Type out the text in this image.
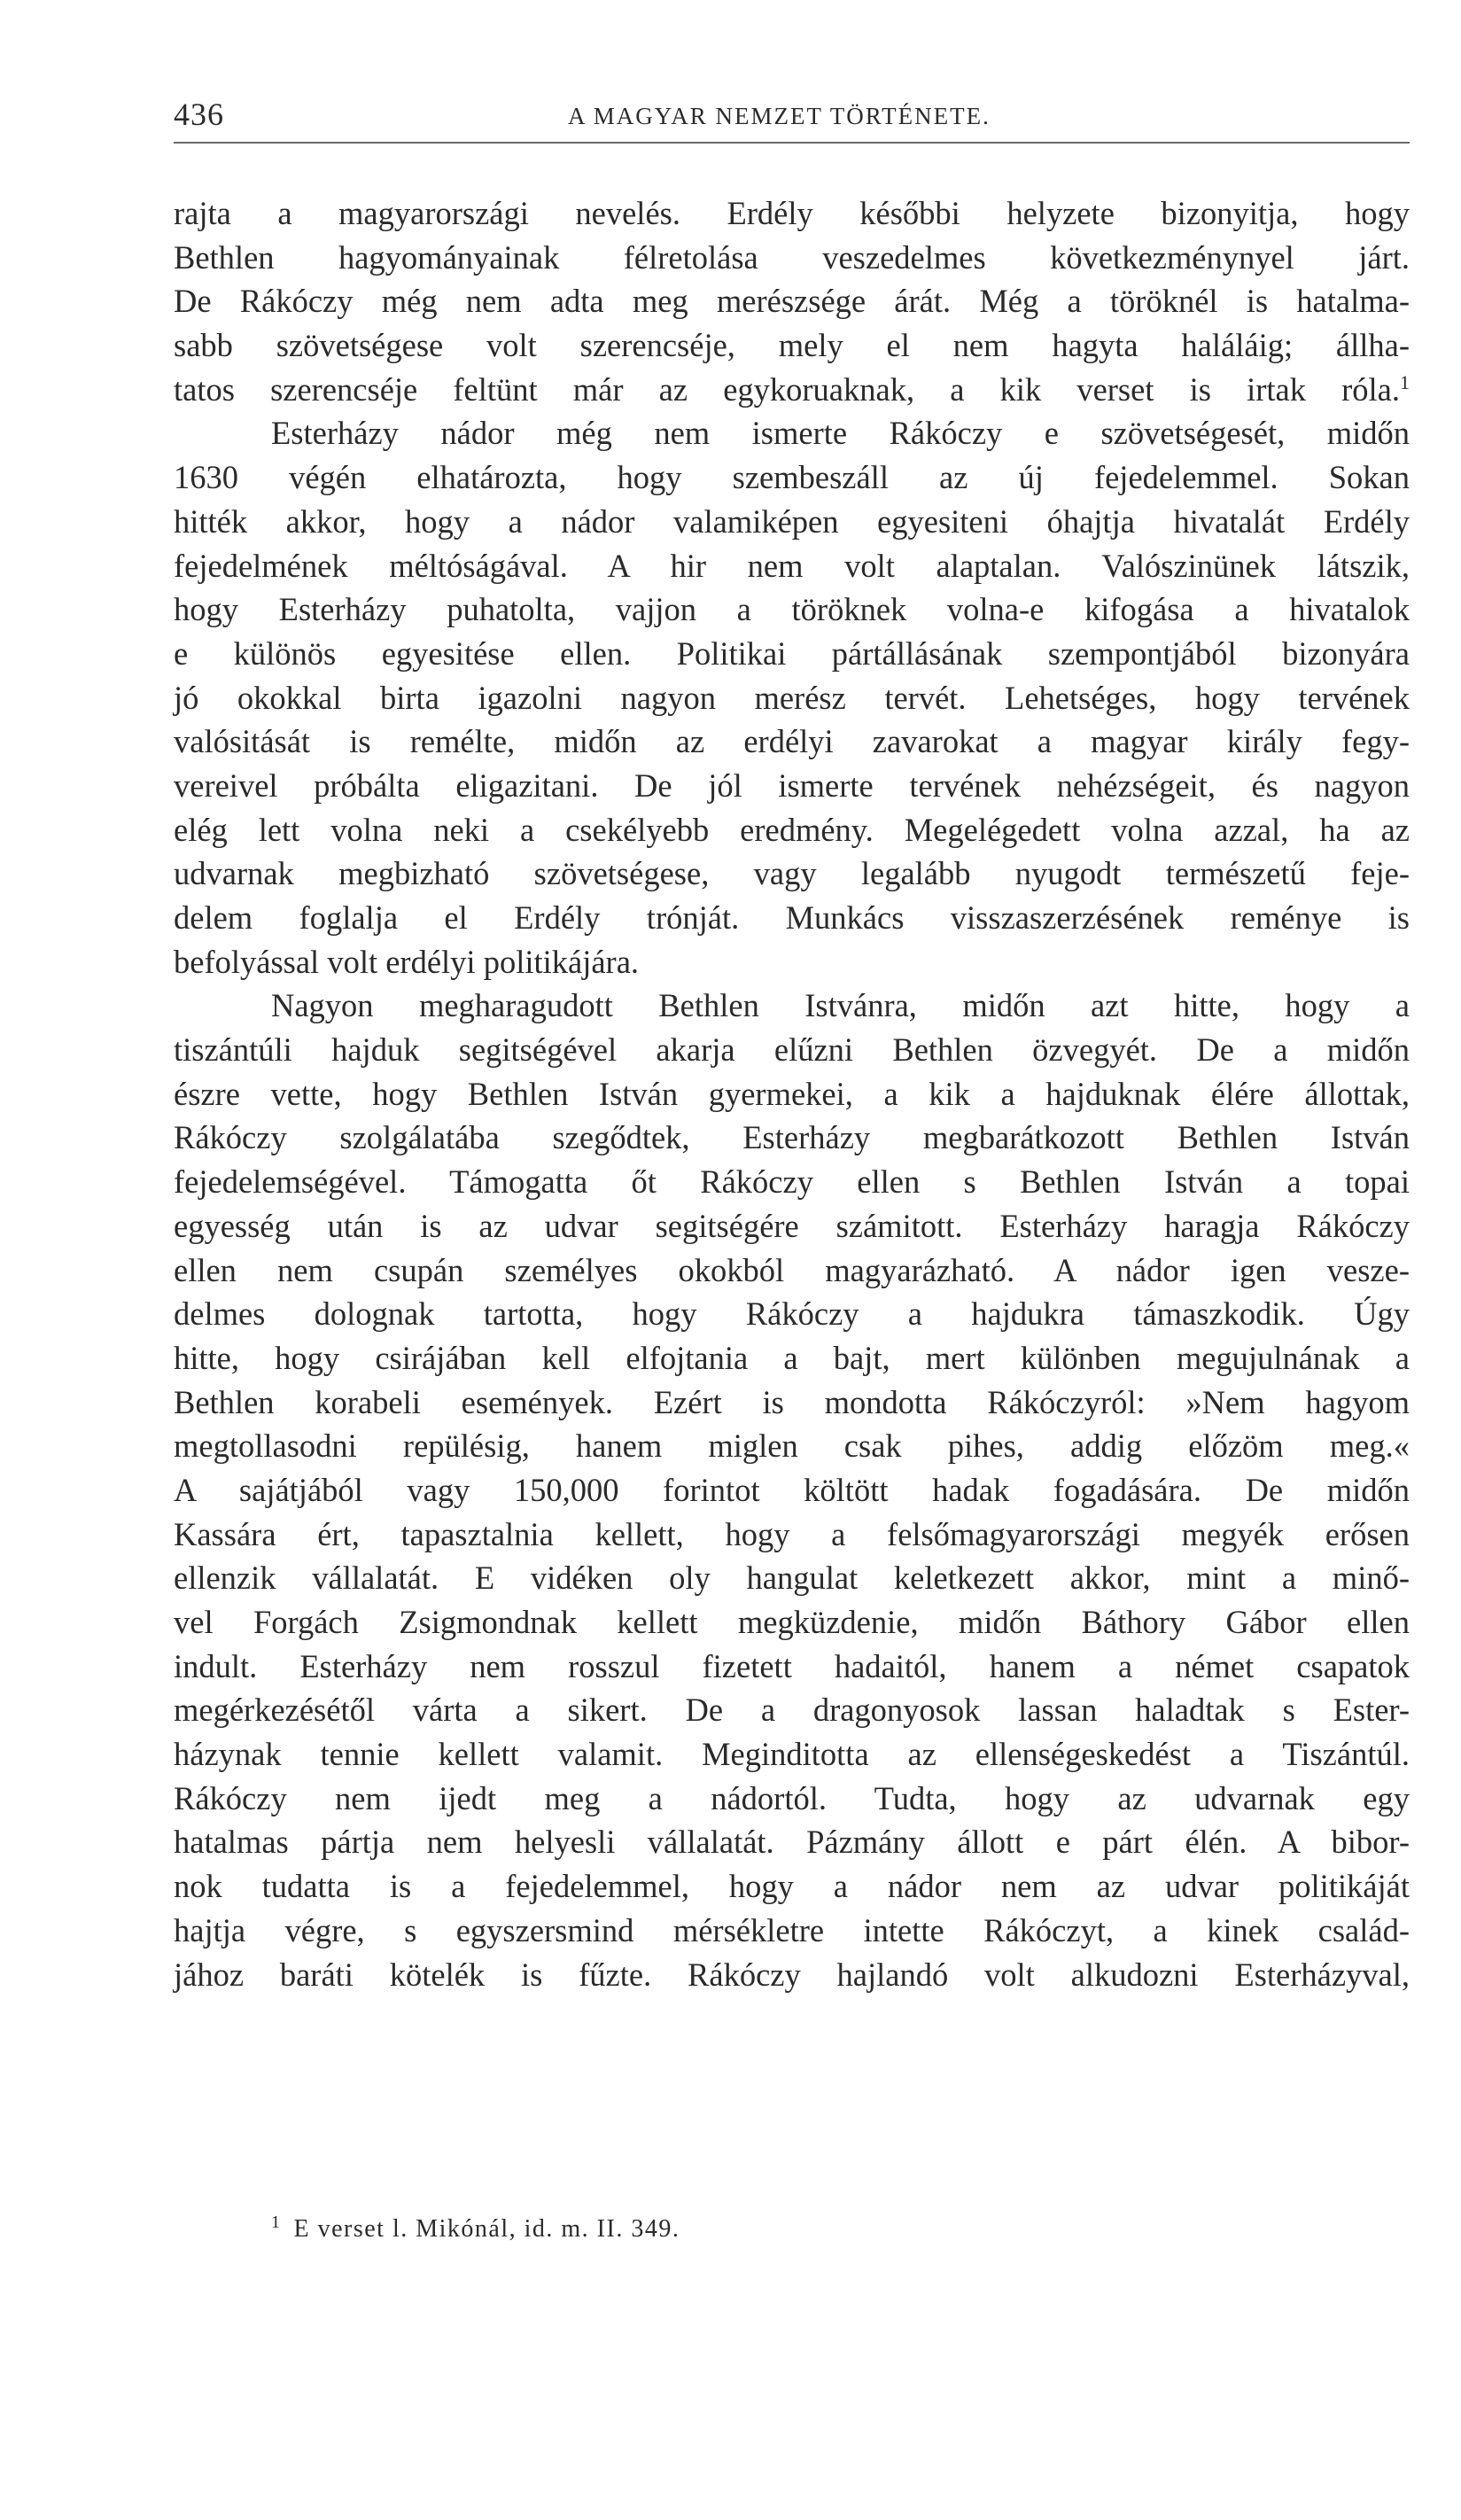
436	A MAGYAR NEMZET TÖRTÉNETE.
rajta a magyarországi nevelés. Erdély későbbi helyzete bizonyitja, hogy
Bethlen hagyományainak félretolása veszedelmes következménynyel járt.
De Rákóczy még nem adta meg merészsége árát. Még a töröknél is hatalma-
sabb szövetségese volt szerencséje, mely el nem hagyta haláláig; állha-
tatos szerencséje feltünt már az egykoruaknak, a kik verset is irtak róla.$^1$
Esterházy nádor még nem ismerte Rákóczy e szövetségesét, midőn
1630 végén elhatározta, hogy szembeszáll az új fejedelemmel. Sokan
hitték akkor, hogy a nádor valamiképen egyesiteni óhajtja hivatalát Erdély
fejedelmének méltóságával. A hir nem volt alaptalan. Valószinünek látszik,
hogy Esterházy puhatolta, vajjon a töröknek volna-e kifogása a hivatalok
e különös egyesitése ellen. Politikai pártállásának szempontjából bizonyára
jó okokkal birta igazolni nagyon merész tervét. Lehetséges, hogy tervének
valósitását is remélte, midőn az erdélyi zavarokat a magyar király fegy-
vereivel próbálta eligazitani. De jól ismerte tervének nehézségeit, és nagyon
elég lett volna neki a csekélyebb eredmény. Megelégedett volna azzal, ha az
udvarnak megbizható szövetségese, vagy legalább nyugodt természetű feje-
delem foglalja el Erdély trónját. Munkács visszaszerzésének reménye is
befolyással volt erdélyi politikájára.
Nagyon megharagudott Bethlen Istvánra, midőn azt hitte, hogy a
tiszántúli hajduk segitségével akarja elűzni Bethlen özvegyét. De a midőn
észre vette, hogy Bethlen István gyermekei, a kik a hajduknak élére állottak,
Rákóczy szolgálatába szegődtek, Esterházy megbarátkozott Bethlen István
fejedelemségével. Támogatta őt Rákóczy ellen s Bethlen István a topai
egyesség után is az udvar segitségére számitott. Esterházy haragja Rákóczy
ellen nem csupán személyes okokból magyarázható. A nádor igen vesze-
delmes dolognak tartotta, hogy Rákóczy a hajdukra támaszkodik. Úgy
hitte, hogy csirájában kell elfojtania a bajt, mert különben megujulnának a
Bethlen korabeli események. Ezért is mondotta Rákóczyról: »Nem hagyom
megtollasodni repülésig, hanem miglen csak pihes, addig előzöm meg.«
A sajátjából vagy 150,000 forintot költött hadak fogadására. De midőn
Kassára ért, tapasztalnia kellett, hogy a felsőmagyarországi megyék erősen
ellenzik vállalatát. E vidéken oly hangulat keletkezett akkor, mint a minő-
vel Forgách Zsigmondnak kellett megküzdenie, midőn Báthory Gábor ellen
indult. Esterházy nem rosszul fizetett hadaitól, hanem a német csapatok
megérkezésétől várta a sikert. De a dragonyosok lassan haladtak s Ester-
házynak tennie kellett valamit. Meginditotta az ellenségeskedést a Tiszántúl.
Rákóczy nem ijedt meg a nádortól. Tudta, hogy az udvarnak egy
hatalmas pártja nem helyesli vállalatát. Pázmány állott e párt élén. A bibor-
nok tudatta is a fejedelemmel, hogy a nádor nem az udvar politikáját
hajtja végre, s egyszersmind mérsékletre intette Rákóczyt, a kinek család-
jához baráti kötelék is fűzte. Rákóczy hajlandó volt alkudozni Esterházyval,
$^1$ E verset l. Mikónál, id. m. II. 349.
